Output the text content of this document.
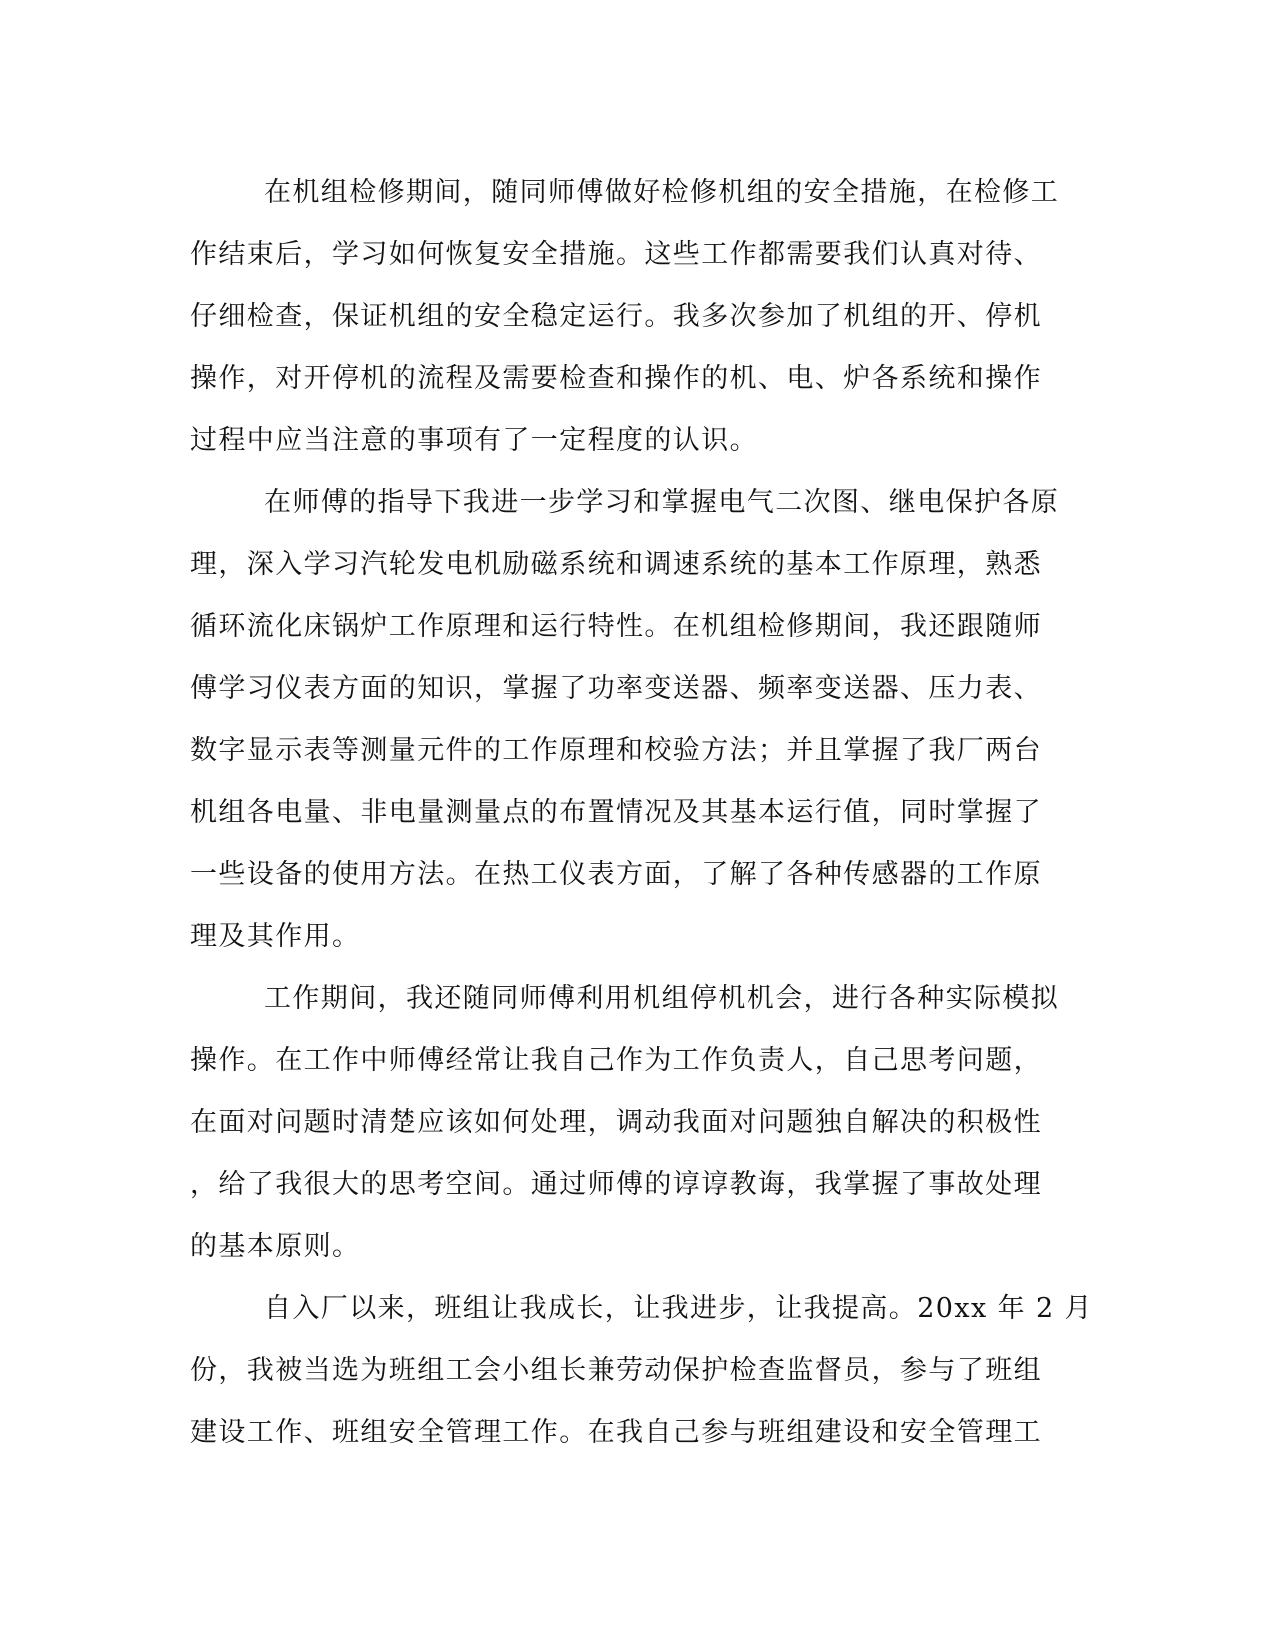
在机组检修期间，随同师傅做好检修机组的安全措施，在检修工
作结束后，学习如何恢复安全措施。这些工作都需要我们认真对待、
仔细检查，保证机组的安全稳定运行。我多次参加了机组的开、停机
操作，对开停机的流程及需要检查和操作的机、电、炉各系统和操作
过程中应当注意的事项有了一定程度的认识。
在师傅的指导下我进一步学习和掌握电气二次图、继电保护各原
理，深入学习汽轮发电机励磁系统和调速系统的基本工作原理，熟悉
循环流化床锅炉工作原理和运行特性。在机组检修期间，我还跟随师
傅学习仪表方面的知识，掌握了功率变送器、频率变送器、压力表、
数字显示表等测量元件的工作原理和校验方法；并且掌握了我厂两台
机组各电量、非电量测量点的布置情况及其基本运行值，同时掌握了
一些设备的使用方法。在热工仪表方面，了解了各种传感器的工作原
理及其作用。
工作期间，我还随同师傅利用机组停机机会，进行各种实际模拟
操作。在工作中师傅经常让我自己作为工作负责人，自己思考问题，
在面对问题时清楚应该如何处理，调动我面对问题独自解决的积极性
，给了我很大的思考空间。通过师傅的谆谆教诲，我掌握了事故处理
的基本原则。
自入厂以来，班组让我成长，让我进步，让我提高。20xx 年 2 月
份，我被当选为班组工会小组长兼劳动保护检查监督员，参与了班组
建设工作、班组安全管理工作。在我自己参与班组建设和安全管理工
